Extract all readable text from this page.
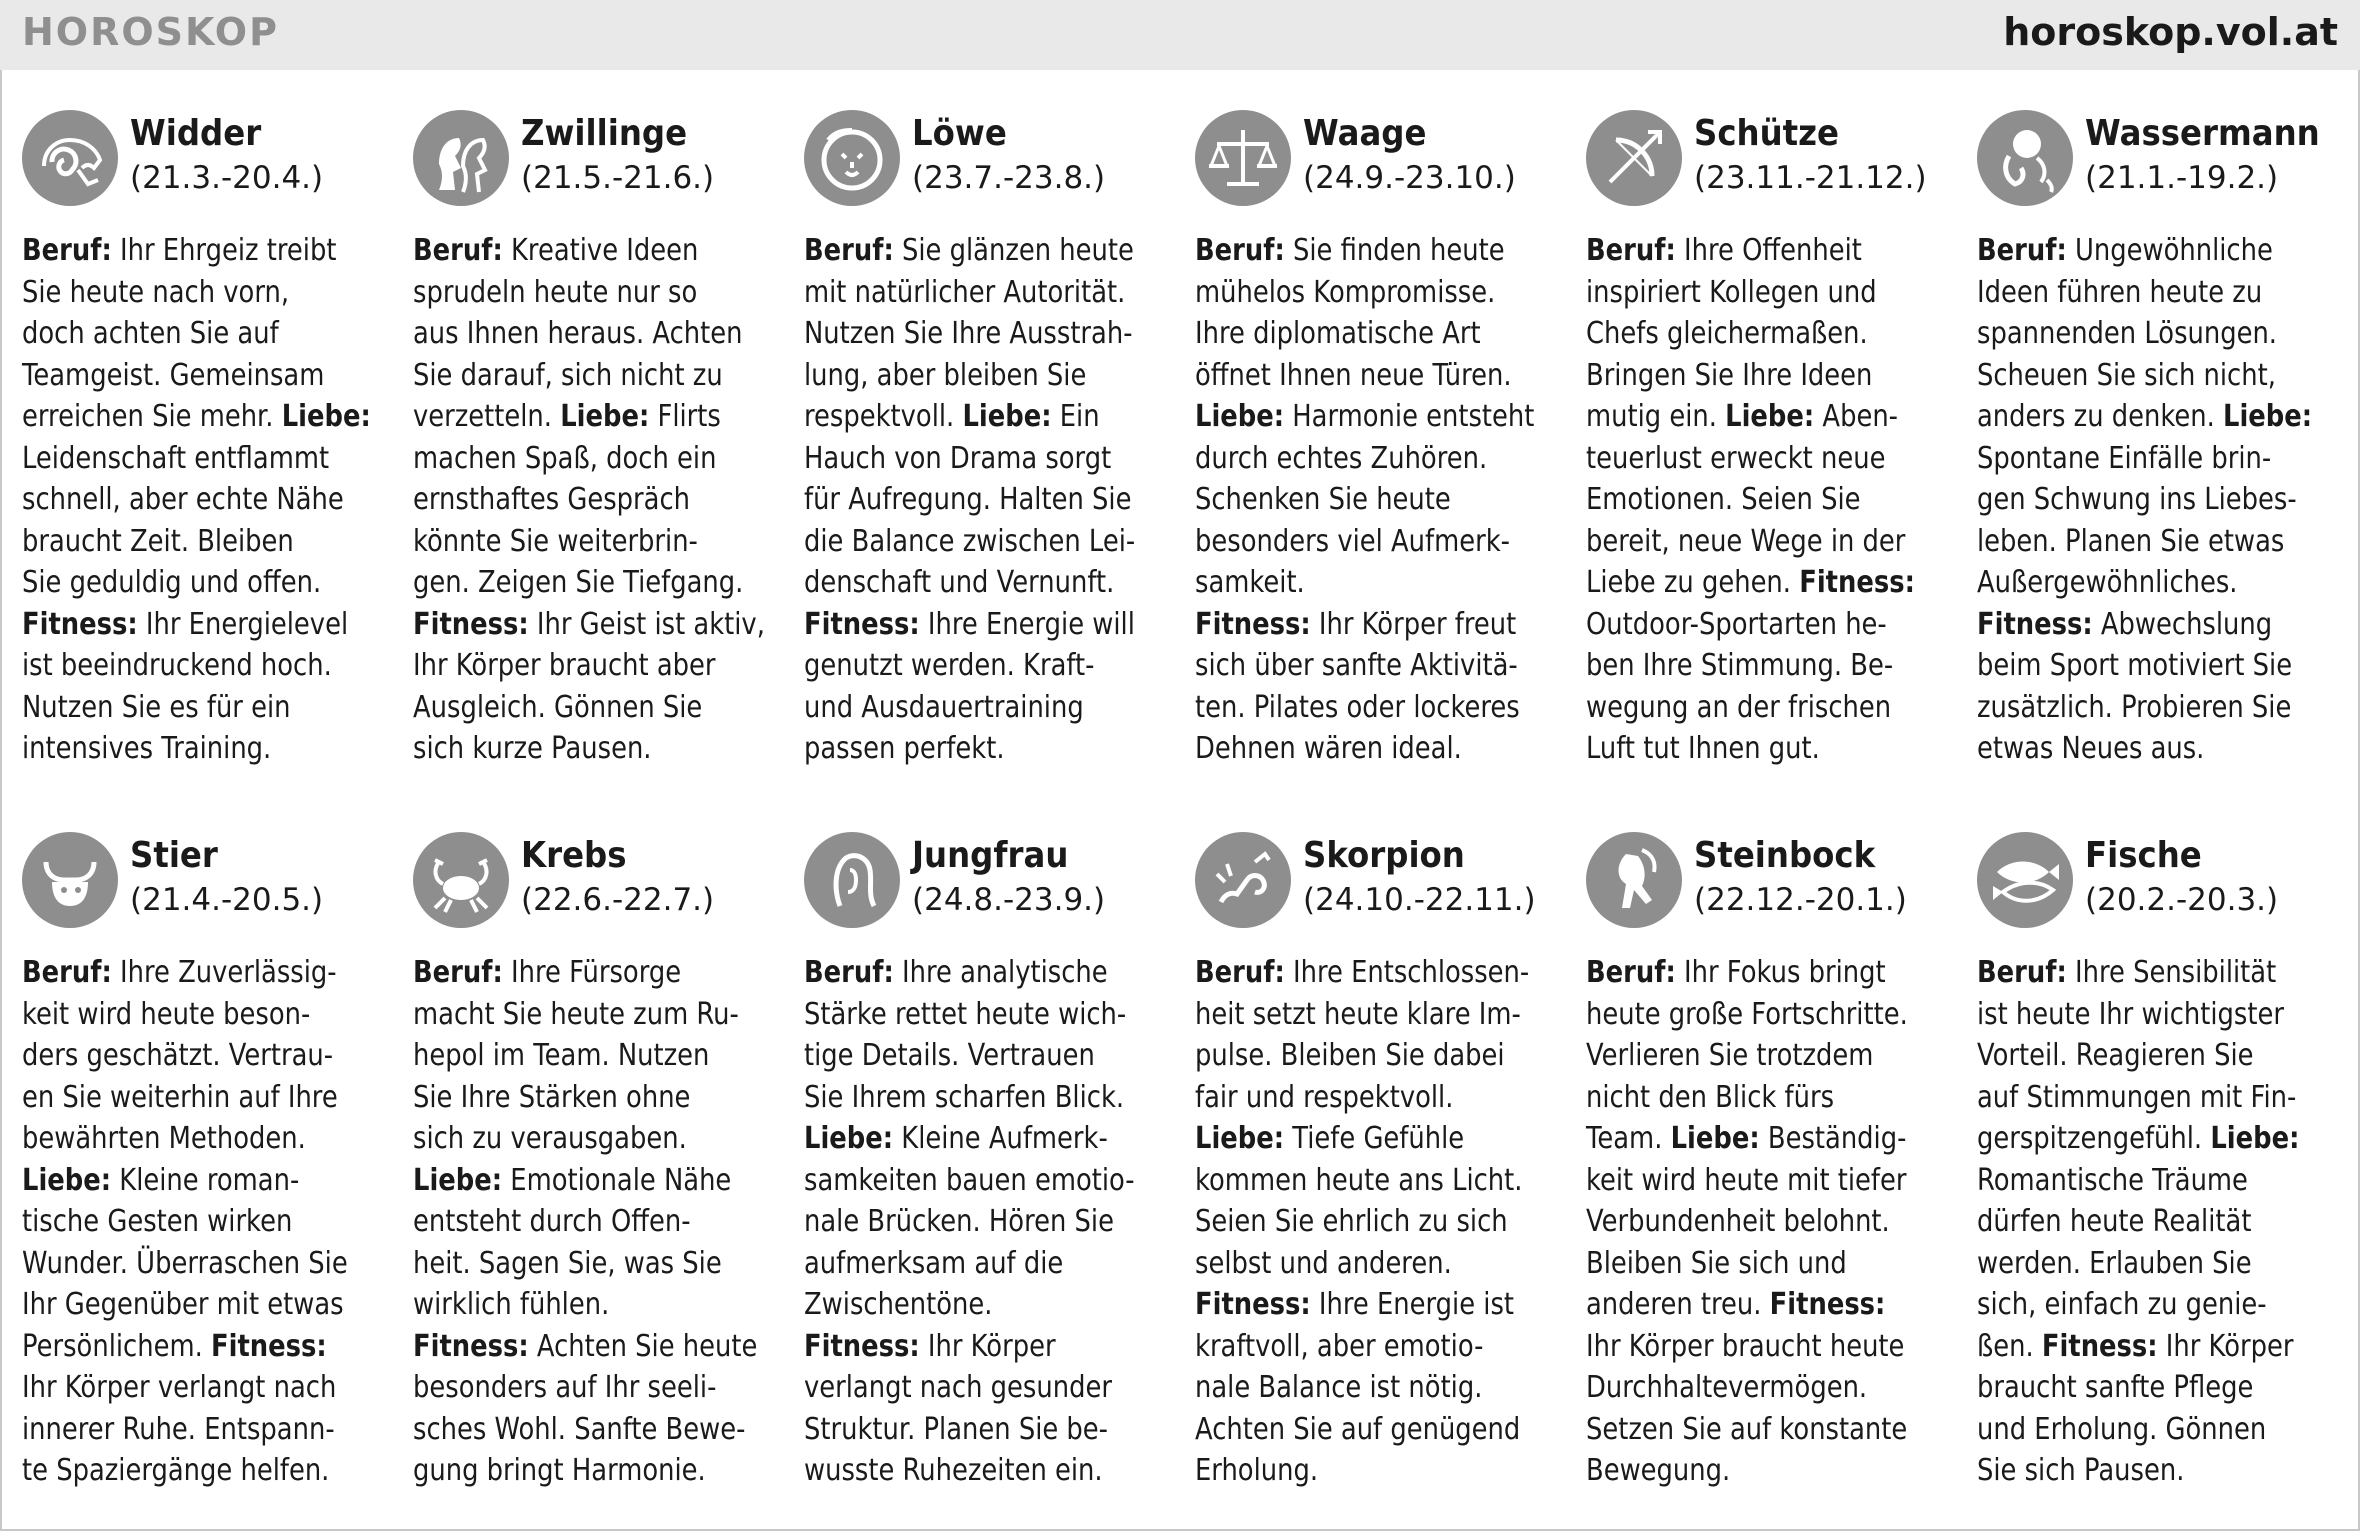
HOROSKOP	horoskop.vol.at
Widder
(21.3.-20.4.)
Beruf: Ihr Ehrgeiz treibt
Sie heute nach vorn,
doch achten Sie auf
Teamgeist. Gemeinsam
erreichen Sie mehr. Liebe:
Leidenschaft entflammt
schnell, aber echte Nähe
braucht Zeit. Bleiben
Sie geduldig und offen.
Fitness: Ihr Energielevel
ist beeindruckend hoch.
Nutzen Sie es für ein
intensives Training.
Zwillinge
(21.5.-21.6.)
Beruf: Kreative Ideen
sprudeln heute nur so
aus Ihnen heraus. Achten
Sie darauf, sich nicht zu
verzetteln. Liebe: Flirts
machen Spaß, doch ein
ernsthaftes Gespräch
könnte Sie weiterbrin-
gen. Zeigen Sie Tiefgang.
Fitness: Ihr Geist ist aktiv,
Ihr Körper braucht aber
Ausgleich. Gönnen Sie
sich kurze Pausen.
Löwe
(23.7.-23.8.)
Beruf: Sie glänzen heute
mit natürlicher Autorität.
Nutzen Sie Ihre Ausstrah-
lung, aber bleiben Sie
respektvoll. Liebe: Ein
Hauch von Drama sorgt
für Aufregung. Halten Sie
die Balance zwischen Lei-
denschaft und Vernunft.
Fitness: Ihre Energie will
genutzt werden. Kraft-
und Ausdauertraining
passen perfekt.
Waage
(24.9.-23.10.)
Beruf: Sie finden heute
mühelos Kompromisse.
Ihre diplomatische Art
öffnet Ihnen neue Türen.
Liebe: Harmonie entsteht
durch echtes Zuhören.
Schenken Sie heute
besonders viel Aufmerk-
samkeit.
Fitness: Ihr Körper freut
sich über sanfte Aktivitä-
ten. Pilates oder lockeres
Dehnen wären ideal.
Schütze
(23.11.-21.12.)
Beruf: Ihre Offenheit
inspiriert Kollegen und
Chefs gleichermaßen.
Bringen Sie Ihre Ideen
mutig ein. Liebe: Aben-
teuerlust erweckt neue
Emotionen. Seien Sie
bereit, neue Wege in der
Liebe zu gehen. Fitness:
Outdoor-Sportarten he-
ben Ihre Stimmung. Be-
wegung an der frischen
Luft tut Ihnen gut.
Wassermann
(21.1.-19.2.)
Beruf: Ungewöhnliche
Ideen führen heute zu
spannenden Lösungen.
Scheuen Sie sich nicht,
anders zu denken. Liebe:
Spontane Einfälle brin-
gen Schwung ins Liebes-
leben. Planen Sie etwas
Außergewöhnliches.
Fitness: Abwechslung
beim Sport motiviert Sie
zusätzlich. Probieren Sie
etwas Neues aus.
Stier
(21.4.-20.5.)
Beruf: Ihre Zuverlässig-
keit wird heute beson-
ders geschätzt. Vertrau-
en Sie weiterhin auf Ihre
bewährten Methoden.
Liebe: Kleine roman-
tische Gesten wirken
Wunder. Überraschen Sie
Ihr Gegenüber mit etwas
Persönlichem. Fitness:
Ihr Körper verlangt nach
innerer Ruhe. Entspann-
te Spaziergänge helfen.
Krebs
(22.6.-22.7.)
Beruf: Ihre Fürsorge
macht Sie heute zum Ru-
hepol im Team. Nutzen
Sie Ihre Stärken ohne
sich zu verausgaben.
Liebe: Emotionale Nähe
entsteht durch Offen-
heit. Sagen Sie, was Sie
wirklich fühlen.
Fitness: Achten Sie heute
besonders auf Ihr seeli-
sches Wohl. Sanfte Bewe-
gung bringt Harmonie.
Jungfrau
(24.8.-23.9.)
Beruf: Ihre analytische
Stärke rettet heute wich-
tige Details. Vertrauen
Sie Ihrem scharfen Blick.
Liebe: Kleine Aufmerk-
samkeiten bauen emotio-
nale Brücken. Hören Sie
aufmerksam auf die
Zwischentöne.
Fitness: Ihr Körper
verlangt nach gesunder
Struktur. Planen Sie be-
wusste Ruhezeiten ein.
Skorpion
(24.10.-22.11.)
Beruf: Ihre Entschlossen-
heit setzt heute klare Im-
pulse. Bleiben Sie dabei
fair und respektvoll.
Liebe: Tiefe Gefühle
kommen heute ans Licht.
Seien Sie ehrlich zu sich
selbst und anderen.
Fitness: Ihre Energie ist
kraftvoll, aber emotio-
nale Balance ist nötig.
Achten Sie auf genügend
Erholung.
Steinbock
(22.12.-20.1.)
Beruf: Ihr Fokus bringt
heute große Fortschritte.
Verlieren Sie trotzdem
nicht den Blick fürs
Team. Liebe: Beständig-
keit wird heute mit tiefer
Verbundenheit belohnt.
Bleiben Sie sich und
anderen treu. Fitness:
Ihr Körper braucht heute
Durchhaltevermögen.
Setzen Sie auf konstante
Bewegung.
Fische
(20.2.-20.3.)
Beruf: Ihre Sensibilität
ist heute Ihr wichtigster
Vorteil. Reagieren Sie
auf Stimmungen mit Fin-
gerspitzengefühl. Liebe:
Romantische Träume
dürfen heute Realität
werden. Erlauben Sie
sich, einfach zu genie-
ßen. Fitness: Ihr Körper
braucht sanfte Pflege
und Erholung. Gönnen
Sie sich Pausen.
